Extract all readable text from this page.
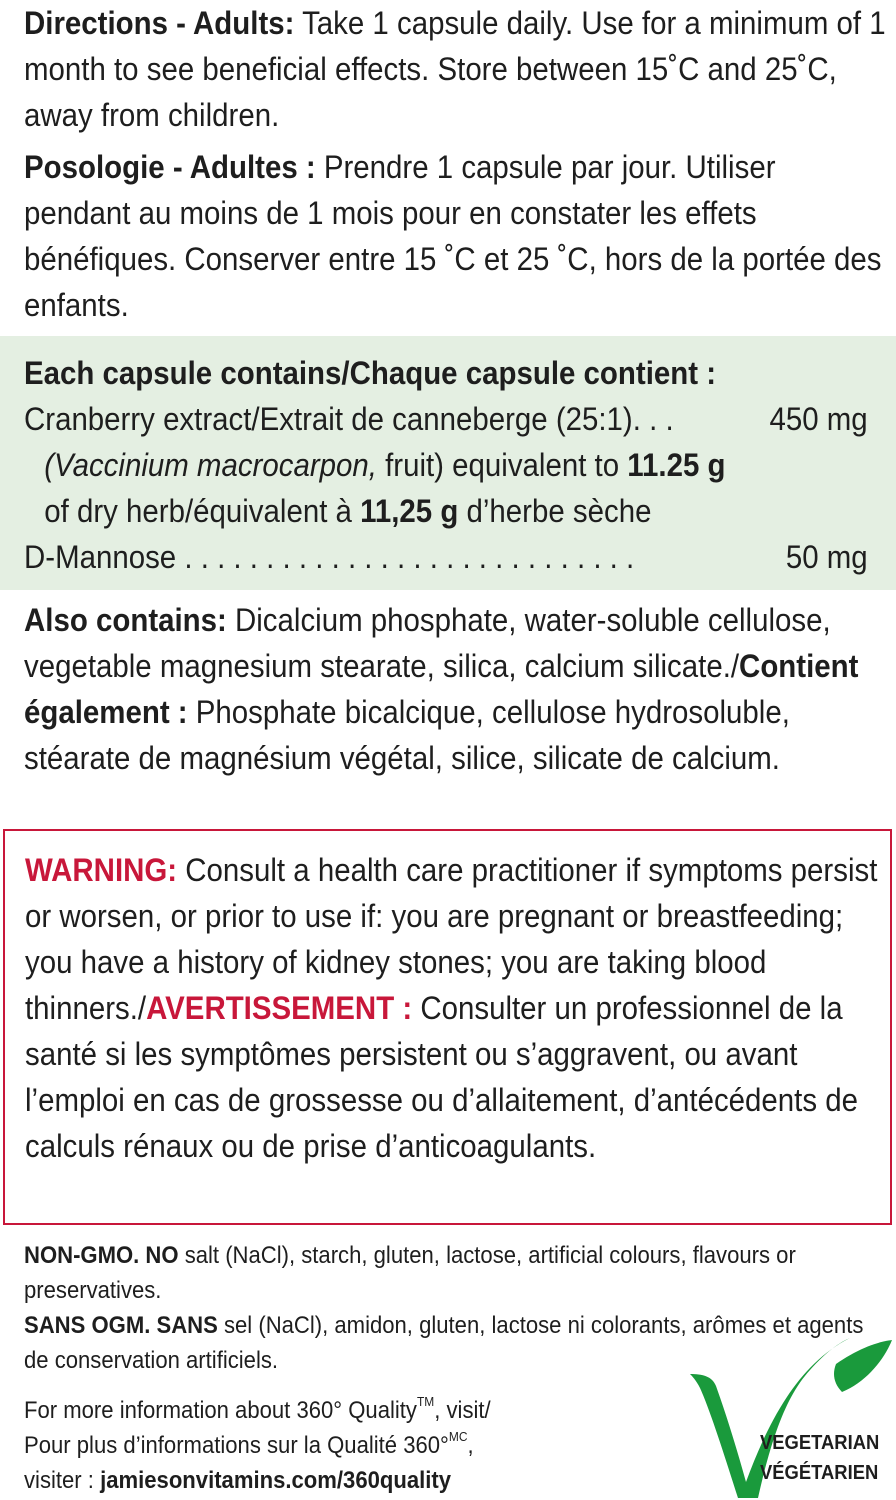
Directions - Adults: Take 1 capsule daily. Use for a minimum of 1 month to see beneficial effects. Store between 15˚C and 25˚C, away from children.

Posologie - Adultes : Prendre 1 capsule par jour. Utiliser pendant au moins de 1 mois pour en constater les effets bénéfiques. Conserver entre 15 ˚C et 25 ˚C, hors de la portée des enfants.

Each capsule contains/Chaque capsule contient :
Cranberry extract/Extrait de canneberge (25:1). . .	450 mg
(Vaccinium macrocarpon, fruit) equivalent to 11.25 g
of dry herb/équivalent à 11,25 g d’herbe sèche
D-Mannose . . . . . . . . . . . . . . . . . . . . . . . . . . . .	50 mg
Also contains: Dicalcium phosphate, water-soluble cellulose, vegetable magnesium stearate, silica, calcium silicate./Contient également : Phosphate bicalcique, cellulose hydrosoluble, stéarate de magnésium végétal, silice, silicate de calcium.
WARNING: Consult a health care practitioner if symptoms persist or worsen, or prior to use if: you are pregnant or breastfeeding; you have a history of kidney stones; you are taking blood thinners./AVERTISSEMENT : Consulter un professionnel de la santé si les symptômes persistent ou s’aggravent, ou avant l’emploi en cas de grossesse ou d’allaitement, d’antécédents de calculs rénaux ou de prise d’anticoagulants.

NON-GMO. NO salt (NaCl), starch, gluten, lactose, artificial colours, flavours or preservatives.

SANS OGM. SANS sel (NaCl), amidon, gluten, lactose ni colorants, arômes et agents de conservation artificiels.

For more information about 360° Quality™, visit/

Pour plus d’informations sur la Qualité 360°$^{MC}$,

visiter : jamiesonvitamins.com/360quality

VEGETARIAN
VÉGÉTARIEN
